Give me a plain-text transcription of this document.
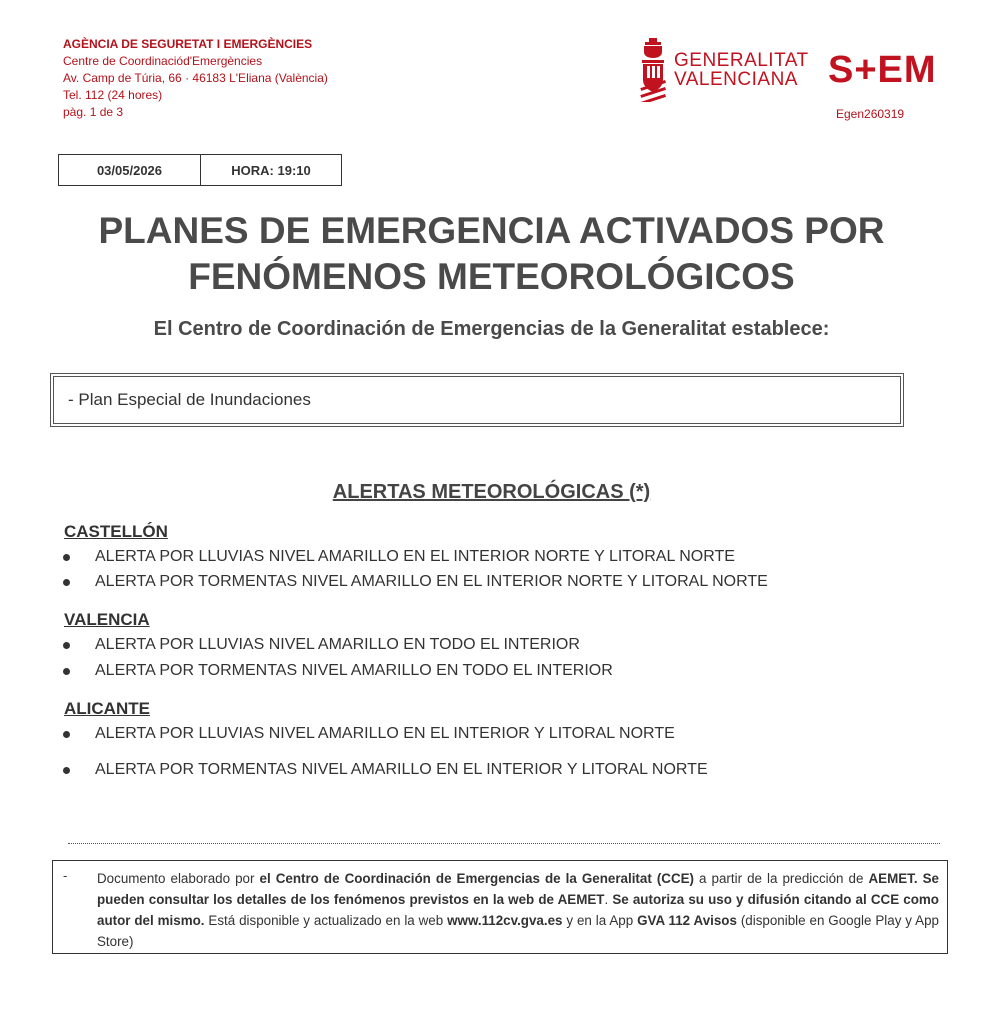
AGÈNCIA DE SEGURETAT I EMERGÈNCIES
Centre de Coordinaciód'Emergències
Av. Camp de Túria, 66 · 46183 L'Eliana (València)
Tel. 112 (24 hores)
pàg. 1 de 3
GENERALITAT
VALENCIANA S+EM
Egen260319
03/05/2026	HORA: 19:10
PLANES DE EMERGENCIA ACTIVADOS POR
FENÓMENOS METEOROLÓGICOS
El Centro de Coordinación de Emergencias de la Generalitat establece:
- Plan Especial de Inundaciones
ALERTAS METEOROLÓGICAS (*)
CASTELLÓN
ALERTA POR LLUVIAS NIVEL AMARILLO EN EL INTERIOR NORTE Y LITORAL NORTE
ALERTA POR TORMENTAS NIVEL AMARILLO EN EL INTERIOR NORTE Y LITORAL NORTE
VALENCIA
ALERTA POR LLUVIAS NIVEL AMARILLO EN TODO EL INTERIOR
ALERTA POR TORMENTAS NIVEL AMARILLO EN TODO EL INTERIOR
ALICANTE
ALERTA POR LLUVIAS NIVEL AMARILLO EN EL INTERIOR Y LITORAL NORTE
ALERTA POR TORMENTAS NIVEL AMARILLO EN EL INTERIOR Y LITORAL NORTE
-	Documento elaborado por el Centro de Coordinación de Emergencias de la Generalitat (CCE) a partir de la predicción de AEMET. Se pueden consultar los detalles de los fenómenos previstos en la web de AEMET. Se autoriza su uso y difusión citando al CCE como autor del mismo. Está disponible y actualizado en la web www.112cv.gva.es y en la App GVA 112 Avisos (disponible en Google Play y App Store)
